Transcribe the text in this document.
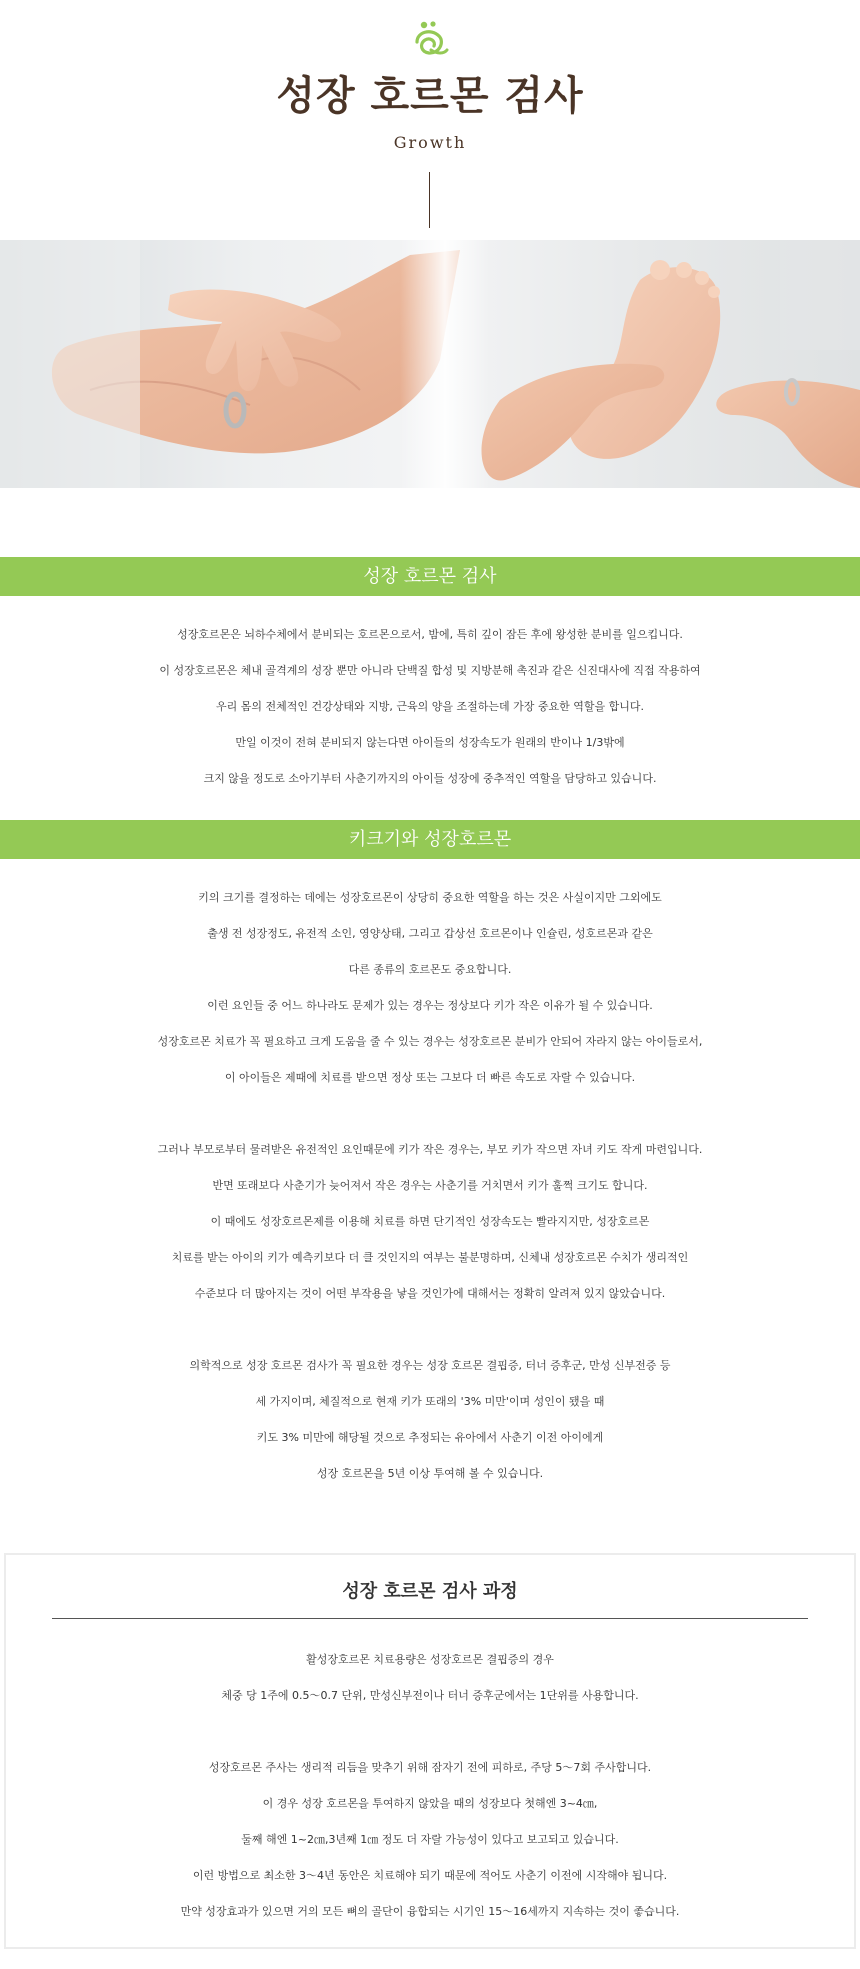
성장 호르몬 검사
Growth
성장 호르몬 검사

성장호르몬은 뇌하수체에서 분비되는 호르몬으로서, 밤에, 특히 깊이 잠든 후에 왕성한 분비를 일으킵니다.

이 성장호르몬은 체내 골격계의 성장 뿐만 아니라 단백질 합성 및 지방분해 촉진과 같은 신진대사에 직접 작용하여

우리 몸의 전체적인 건강상태와 지방, 근육의 양을 조절하는데 가장 중요한 역할을 합니다.

만일 이것이 전혀 분비되지 않는다면 아이들의 성장속도가 원래의 반이나 1/3밖에

크지 않을 정도로 소아기부터 사춘기까지의 아이들 성장에 중추적인 역할을 담당하고 있습니다.

키크기와 성장호르몬

키의 크기를 결정하는 데에는 성장호르몬이 상당히 중요한 역할을 하는 것은 사실이지만 그외에도

출생 전 성장정도, 유전적 소인, 영양상태, 그리고 갑상선 호르몬이나 인슐린, 성호르몬과 같은

다른 종류의 호르몬도 중요합니다.

이런 요인들 중 어느 하나라도 문제가 있는 경우는 정상보다 키가 작은 이유가 될 수 있습니다.

성장호르몬 치료가 꼭 필요하고 크게 도움을 줄 수 있는 경우는 성장호르몬 분비가 안되어 자라지 않는 아이들로서,

이 아이들은 제때에 치료를 받으면 정상 또는 그보다 더 빠른 속도로 자랄 수 있습니다.

그러나 부모로부터 물려받은 유전적인 요인때문에 키가 작은 경우는, 부모 키가 작으면 자녀 키도 작게 마련입니다.

반면 또래보다 사춘기가 늦어져서 작은 경우는 사춘기를 거치면서 키가 훌쩍 크기도 합니다.

이 때에도 성장호르몬제를 이용해 치료를 하면 단기적인 성장속도는 빨라지지만, 성장호르몬

치료를 받는 아이의 키가 예측키보다 더 클 것인지의 여부는 불분명하며, 신체내 성장호르몬 수치가 생리적인

수준보다 더 많아지는 것이 어떤 부작용을 낳을 것인가에 대해서는 정확히 알려져 있지 않았습니다.

의학적으로 성장 호르몬 검사가 꼭 필요한 경우는 성장 호르몬 결핍증, 터너 증후군, 만성 신부전증 등

세 가지이며, 체질적으로 현재 키가 또래의 '3% 미만'이며 성인이 됐을 때

키도 3% 미만에 해당될 것으로 추정되는 유아에서 사춘기 이전 아이에게

성장 호르몬을 5년 이상 투여해 볼 수 있습니다.

성장 호르몬 검사 과정

활성장호르몬 치료용량은 성장호르몬 결핍증의 경우

체중 당 1주에 0.5～0.7 단위, 만성신부전이나 터너 증후군에서는 1단위를 사용합니다.

성장호르몬 주사는 생리적 리듬을 맞추기 위해 잠자기 전에 피하로, 주당 5～7회 주사합니다.

이 경우 성장 호르몬을 투여하지 않았을 때의 성장보다 첫해엔 3~4㎝,

둘째 해엔 1~2㎝,3년째 1㎝ 정도 더 자랄 가능성이 있다고 보고되고 있습니다.

이런 방법으로 최소한 3～4년 동안은 치료해야 되기 때문에 적어도 사춘기 이전에 시작해야 됩니다.

만약 성장효과가 있으면 거의 모든 뼈의 골단이 융합되는 시기인 15～16세까지 지속하는 것이 좋습니다.
